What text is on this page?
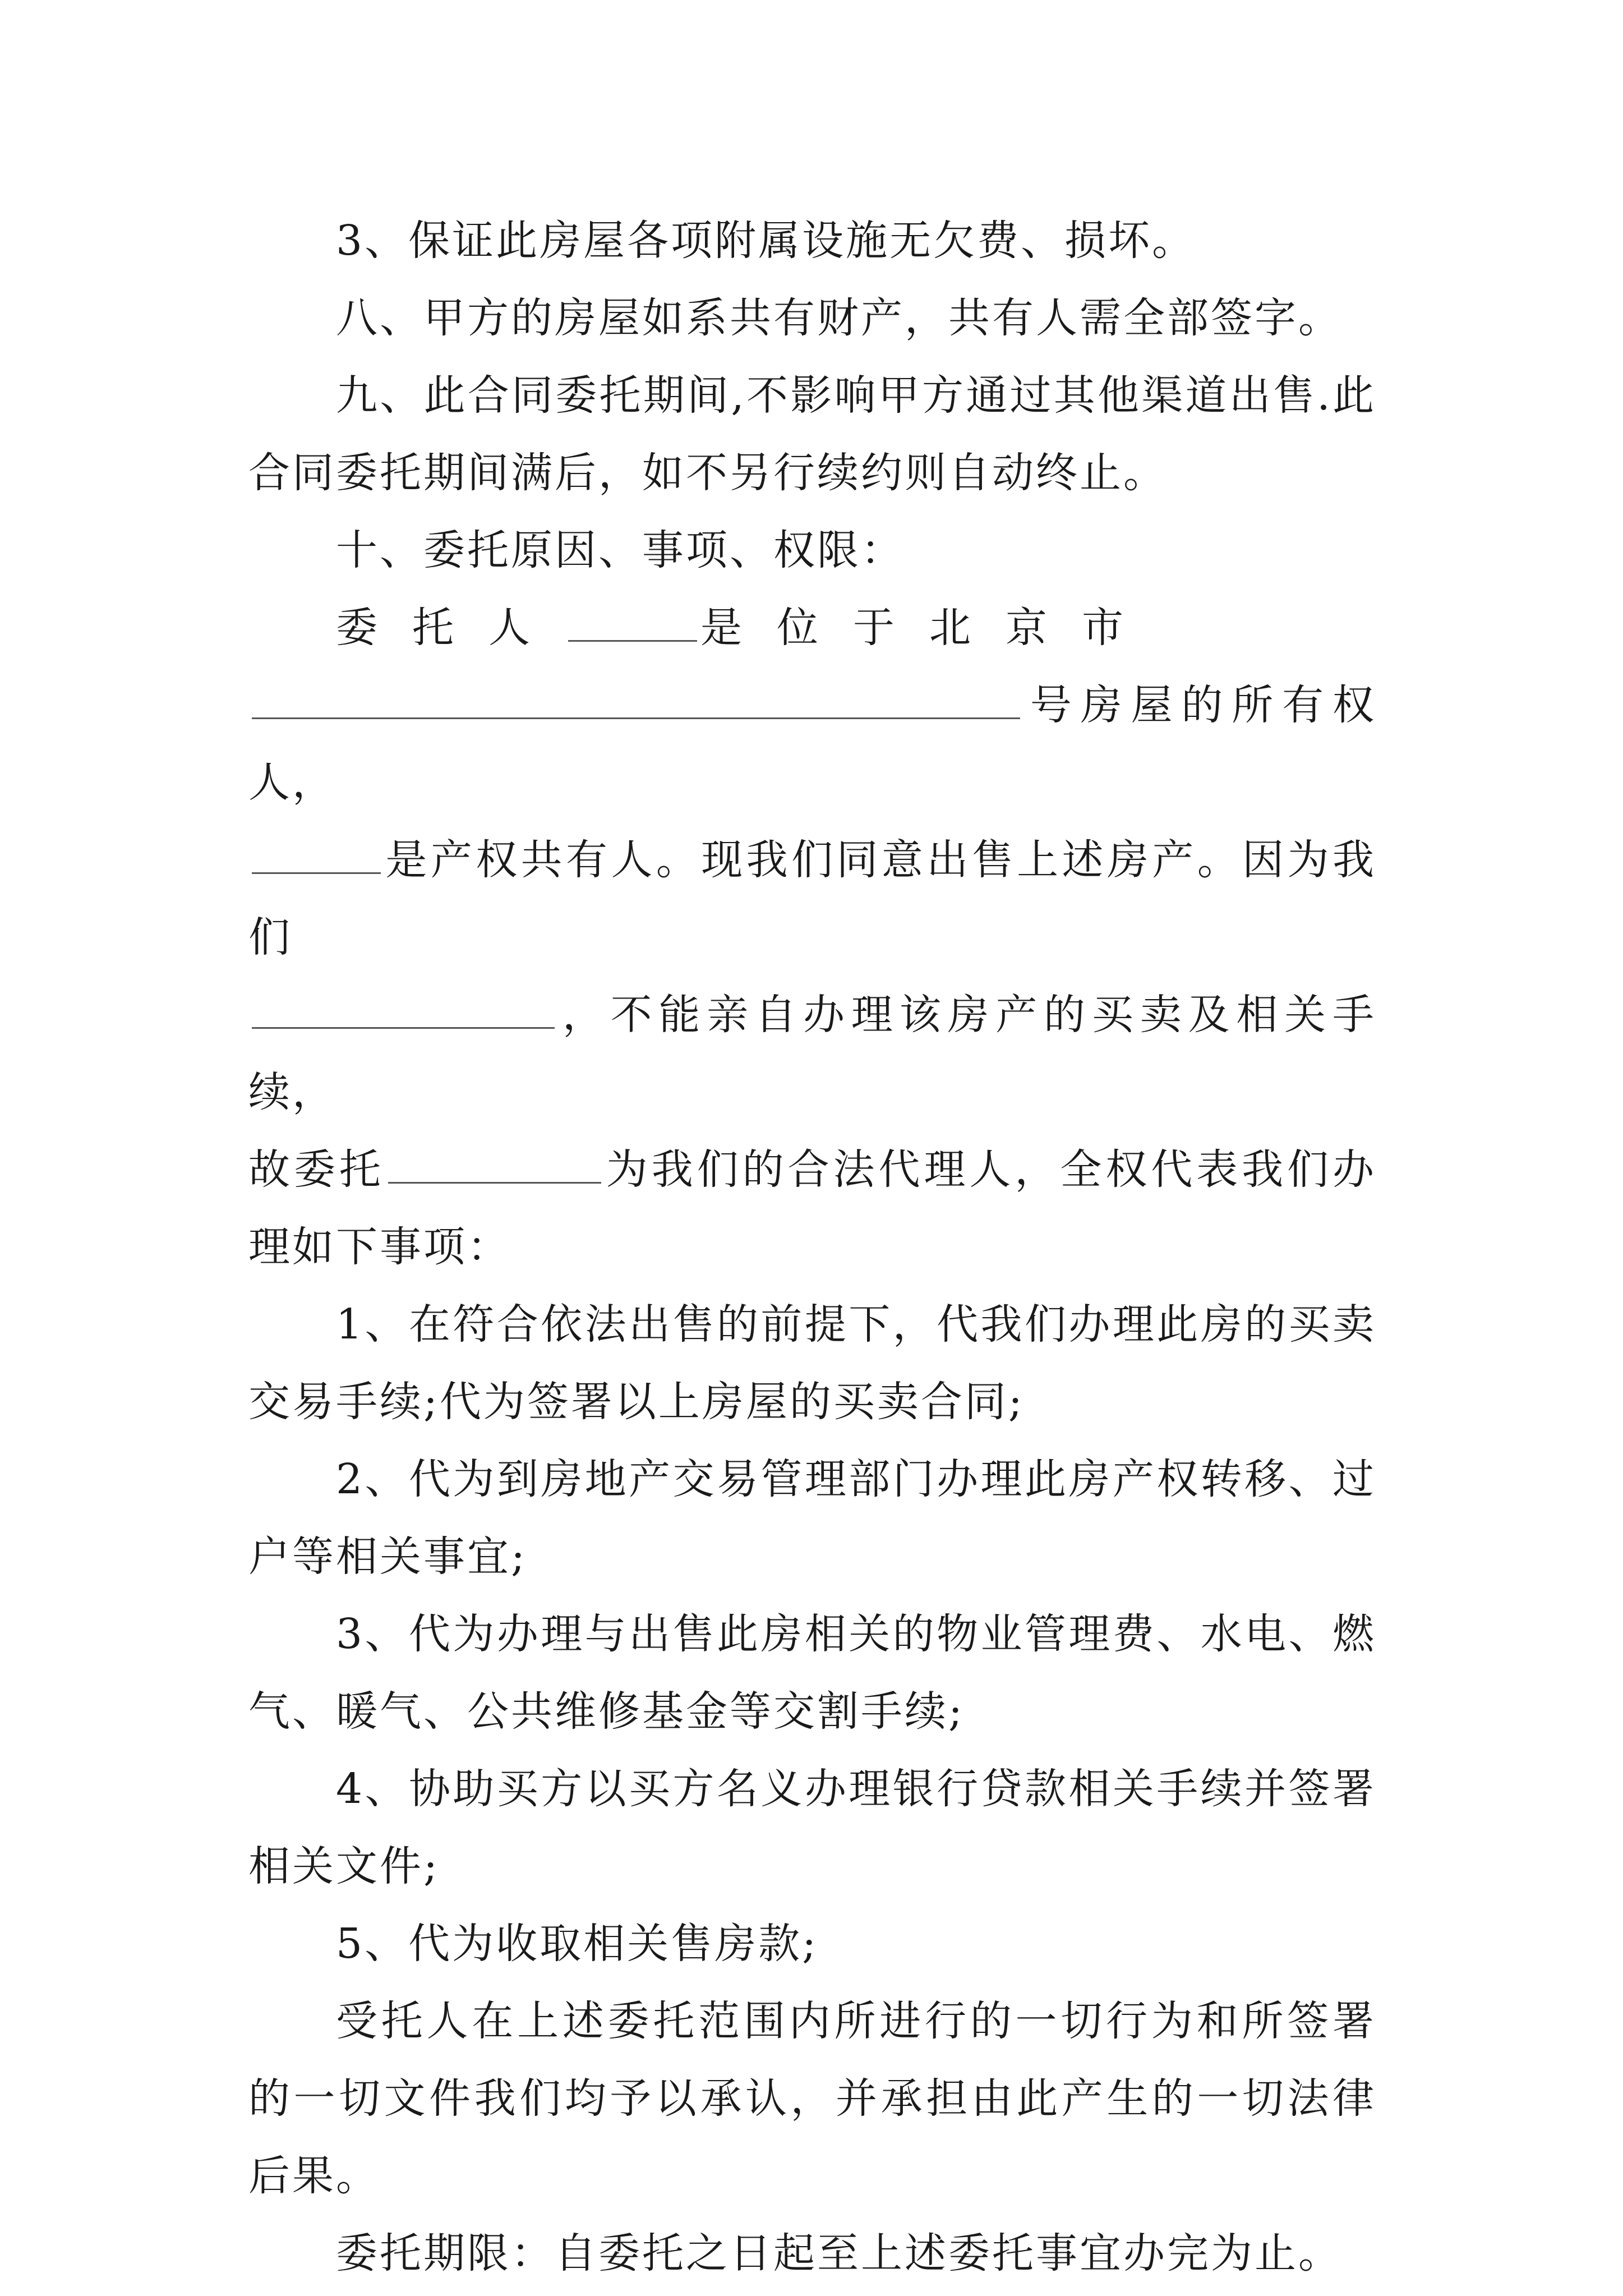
3、保证此房屋各项附属设施无欠费、损坏。

八、甲方的房屋如系共有财产，共有人需全部签字。

九、此合同委托期间,不影响甲方通过其他渠道出售.此合同委托期间满后，如不另行续约则自动终止。

十、委托原因、事项、权限：

委托人	是位于北京市

号房屋的所有权人，

是产权共有人。现我们同意出售上述房产。因为我们

，不能亲自办理该房产的买卖及相关手续，

故委托	为我们的合法代理人，全权代表我们办理如下事项：

1、在符合依法出售的前提下，代我们办理此房的买卖交易手续;代为签署以上房屋的买卖合同;

2、代为到房地产交易管理部门办理此房产权转移、过户等相关事宜;

3、代为办理与出售此房相关的物业管理费、水电、燃气、暖气、公共维修基金等交割手续;

4、协助买方以买方名义办理银行贷款相关手续并签署相关文件;

5、代为收取相关售房款;

受托人在上述委托范围内所进行的一切行为和所签署的一切文件我们均予以承认，并承担由此产生的一切法律后果。

委托期限：自委托之日起至上述委托事宜办完为止。
